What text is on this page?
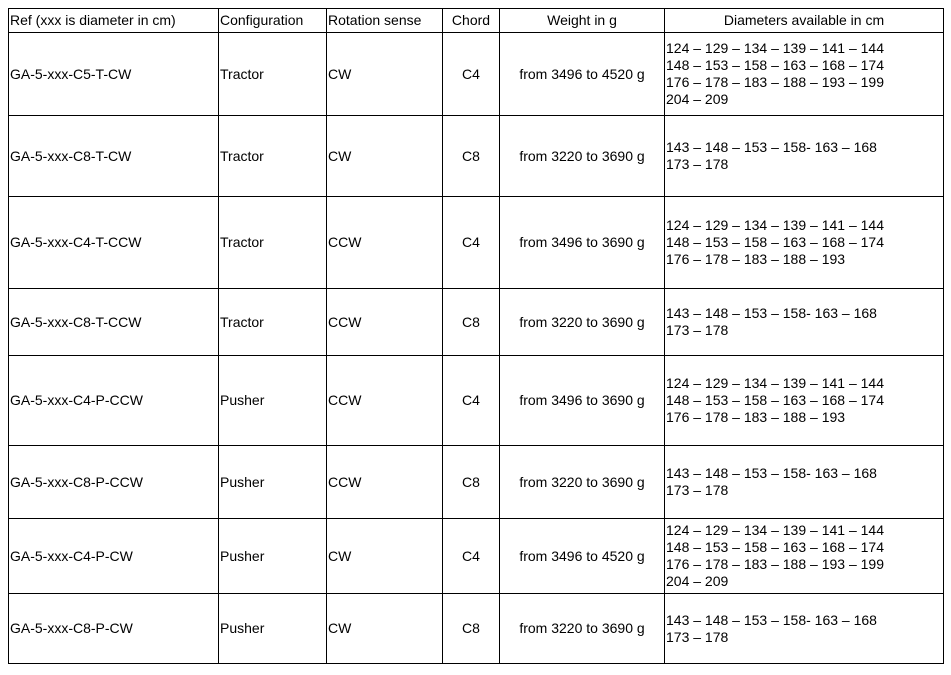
Ref (xxx is diameter in cm)	Configuration	Rotation sense	Chord	Weight in g	Diameters available in cm
GA-5-xxx-C5-T-CW	Tractor	CW	C4	from 3496 to 4520 g	124 – 129 – 134 – 139 – 141 – 144
148 – 153 – 158 – 163 – 168 – 174
176 – 178 – 183 – 188 – 193 – 199
204 – 209
GA-5-xxx-C8-T-CW	Tractor	CW	C8	from 3220 to 3690 g	143 – 148 – 153 – 158- 163 – 168
173 – 178
GA-5-xxx-C4-T-CCW	Tractor	CCW	C4	from 3496 to 3690 g	124 – 129 – 134 – 139 – 141 – 144
148 – 153 – 158 – 163 – 168 – 174
176 – 178 – 183 – 188 – 193
GA-5-xxx-C8-T-CCW	Tractor	CCW	C8	from 3220 to 3690 g	143 – 148 – 153 – 158- 163 – 168
173 – 178
GA-5-xxx-C4-P-CCW	Pusher	CCW	C4	from 3496 to 3690 g	124 – 129 – 134 – 139 – 141 – 144
148 – 153 – 158 – 163 – 168 – 174
176 – 178 – 183 – 188 – 193
GA-5-xxx-C8-P-CCW	Pusher	CCW	C8	from 3220 to 3690 g	143 – 148 – 153 – 158- 163 – 168
173 – 178
GA-5-xxx-C4-P-CW	Pusher	CW	C4	from 3496 to 4520 g	124 – 129 – 134 – 139 – 141 – 144
148 – 153 – 158 – 163 – 168 – 174
176 – 178 – 183 – 188 – 193 – 199
204 – 209
GA-5-xxx-C8-P-CW	Pusher	CW	C8	from 3220 to 3690 g	143 – 148 – 153 – 158- 163 – 168
173 – 178
